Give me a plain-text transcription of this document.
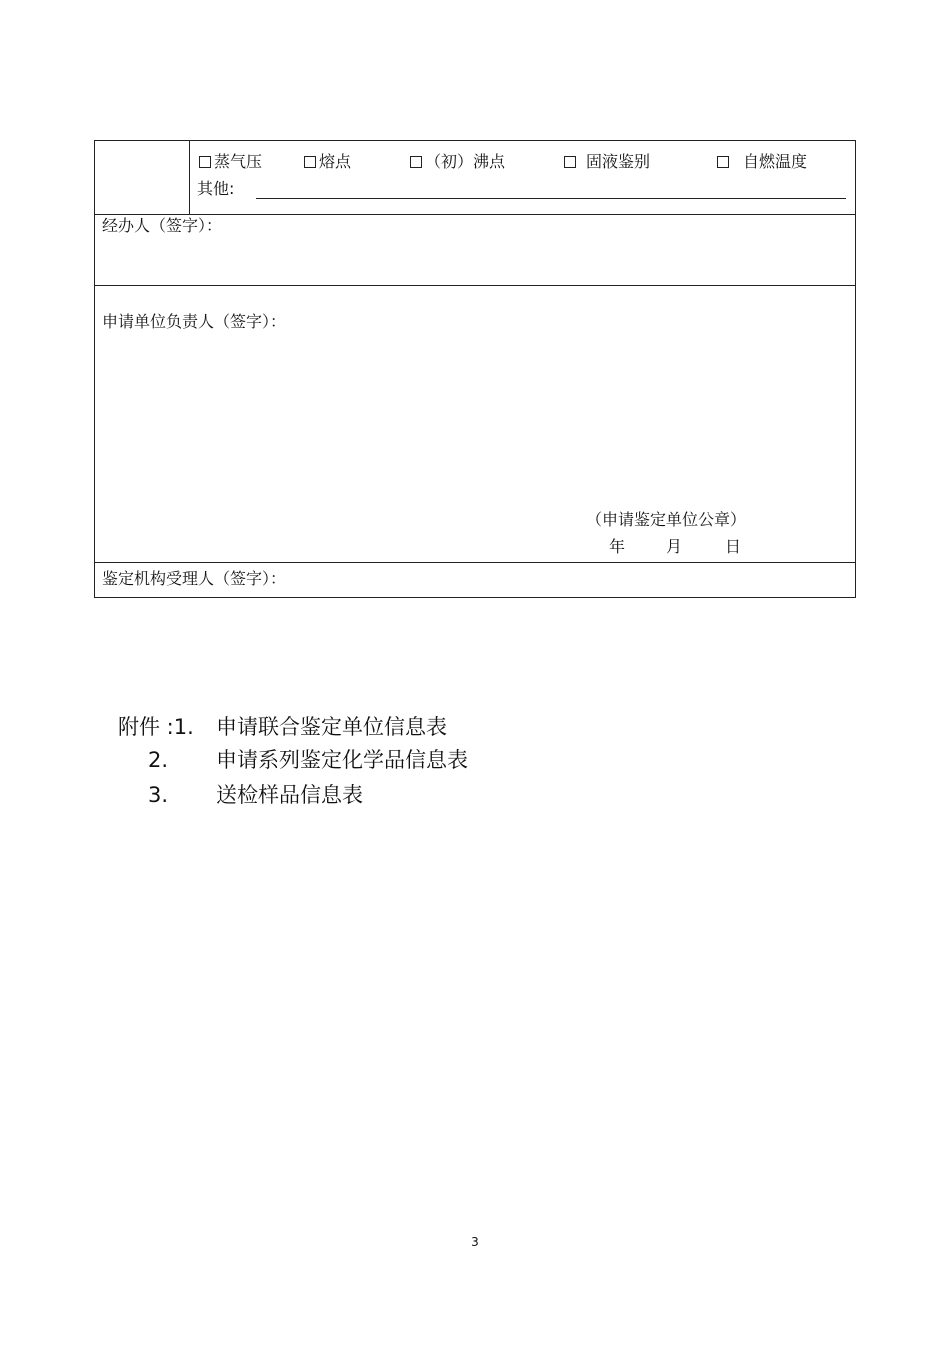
蒸气压	熔点	（初）沸点	固液鉴别	自燃温度
其他:
经办人（签字）：
申请单位负责人（签字）：
（申请鉴定单位公章）
年	月	日
鉴定机构受理人（签字）：
附件 :1. 申请联合鉴定单位信息表
2. 申请系列鉴定化学品信息表
3. 送检样品信息表
3
